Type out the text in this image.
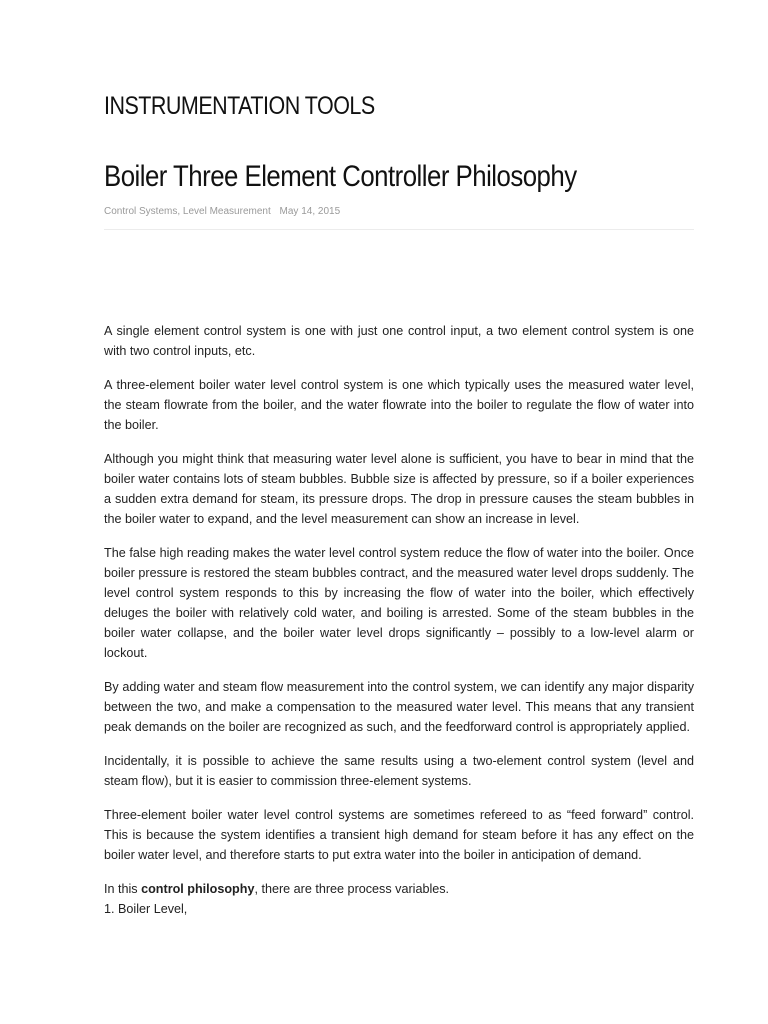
INSTRUMENTATION TOOLS
Boiler Three Element Controller Philosophy
Control Systems, Level Measurement May 14, 2015

A single element control system is one with just one control input, a two element control system is one with two control inputs, etc.

A three-element boiler water level control system is one which typically uses the measured water level, the steam flowrate from the boiler, and the water flowrate into the boiler to regulate the flow of water into the boiler.

Although you might think that measuring water level alone is sufficient, you have to bear in mind that the boiler water contains lots of steam bubbles. Bubble size is affected by pressure, so if a boiler experiences a sudden extra demand for steam, its pressure drops. The drop in pressure causes the steam bubbles in the boiler water to expand, and the level measurement can show an increase in level.

The false high reading makes the water level control system reduce the flow of water into the boiler. Once boiler pressure is restored the steam bubbles contract, and the measured water level drops suddenly. The level control system responds to this by increasing the flow of water into the boiler, which effectively deluges the boiler with relatively cold water, and boiling is arrested. Some of the steam bubbles in the boiler water collapse, and the boiler water level drops significantly – possibly to a low-level alarm or lockout.

By adding water and steam flow measurement into the control system, we can identify any major disparity between the two, and make a compensation to the measured water level. This means that any transient peak demands on the boiler are recognized as such, and the feedforward control is appropriately applied.

Incidentally, it is possible to achieve the same results using a two-element control system (level and steam flow), but it is easier to commission three-element systems.

Three-element boiler water level control systems are sometimes refereed to as “feed forward” control. This is because the system identifies a transient high demand for steam before it has any effect on the boiler water level, and therefore starts to put extra water into the boiler in anticipation of demand.

In this control philosophy, there are three process variables.

1. Boiler Level,
